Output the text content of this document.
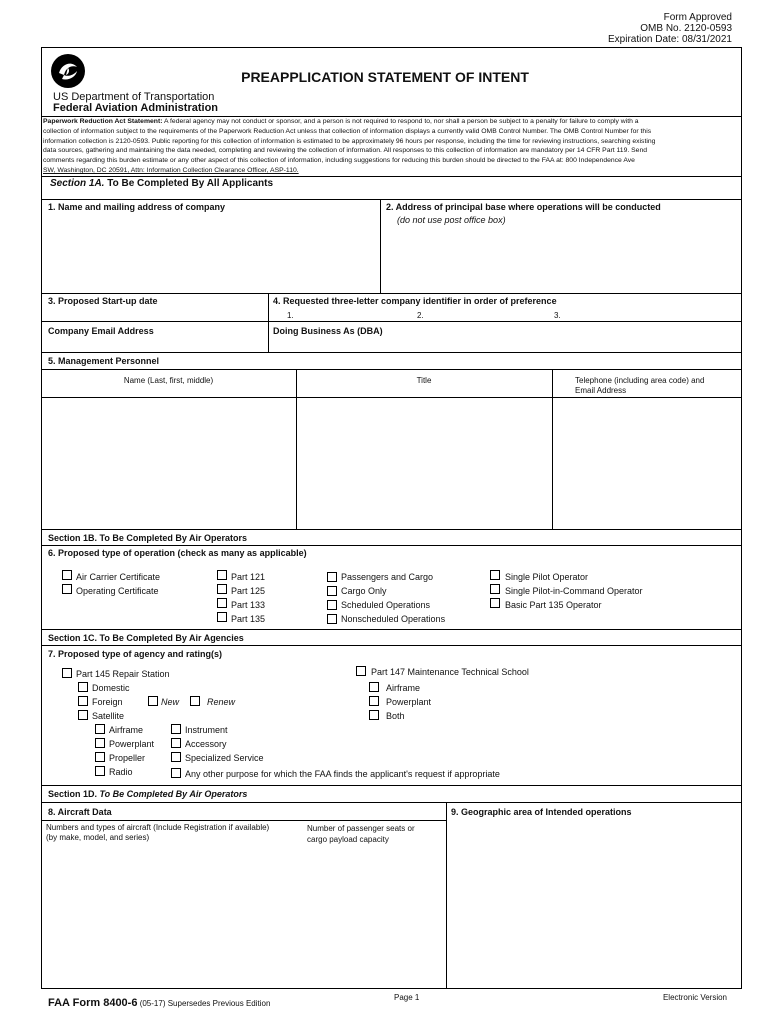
Form Approved
OMB No. 2120-0593
Expiration Date: 08/31/2021
PREAPPLICATION STATEMENT OF INTENT
US Department of Transportation
Federal Aviation Administration
Paperwork Reduction Act Statement: A federal agency may not conduct or sponsor, and a person is not required to respond to, nor shall a person be subject to a penalty for failure to comply with a
collection of information subject to the requirements of the Paperwork Reduction Act unless that collection of information displays a currently valid OMB Control Number. The OMB Control Number for this
information collection is 2120-0593. Public reporting for this collection of information is estimated to be approximately 96 hours per response, including the time for reviewing instructions, searching existing
data sources, gathering and maintaining the data needed, completing and reviewing the collection of information. All responses to this collection of information are mandatory per 14 CFR Part 119. Send
comments regarding this burden estimate or any other aspect of this collection of information, including suggestions for reducing this burden should be directed to the FAA at: 800 Independence Ave
SW, Washington, DC 20591, Attn: Information Collection Clearance Officer, ASP-110.
Section 1A. To Be Completed By All Applicants
1. Name and mailing address of company	2. Address of principal base where operations will be conducted
(do not use post office box)
3. Proposed Start-up date	4. Requested three-letter company identifier in order of preference
1.	2.	3.
Company Email Address	Doing Business As (DBA)
5. Management Personnel
Name (Last, first, middle)	Title	Telephone (including area code) and
Email Address
Section 1B. To Be Completed By Air Operators
6. Proposed type of operation (check as many as applicable)
Air Carrier Certificate
Operating Certificate
Part 121
Part 125
Part 133
Part 135
Passengers and Cargo
Cargo Only
Scheduled Operations
Nonscheduled Operations
Single Pilot Operator
Single Pilot-in-Command Operator
Basic Part 135 Operator
Section 1C. To Be Completed By Air Agencies
7. Proposed type of agency and rating(s)
Part 145 Repair Station
Domestic
Foreign	New	Renew
Satellite
Airframe
Powerplant
Propeller
Radio
Instrument
Accessory
Specialized Service
Any other purpose for which the FAA finds the applicant's request if appropriate
Part 147 Maintenance Technical School
Airframe
Powerplant
Both
Section 1D. To Be Completed By Air Operators
8. Aircraft Data
Numbers and types of aircraft (Include Registration if available)
(by make, model, and series)
Number of passenger seats or
cargo payload capacity
9. Geographic area of Intended operations
FAA Form 8400-6 (05-17) Supersedes Previous Edition
Page 1	Electronic Version
